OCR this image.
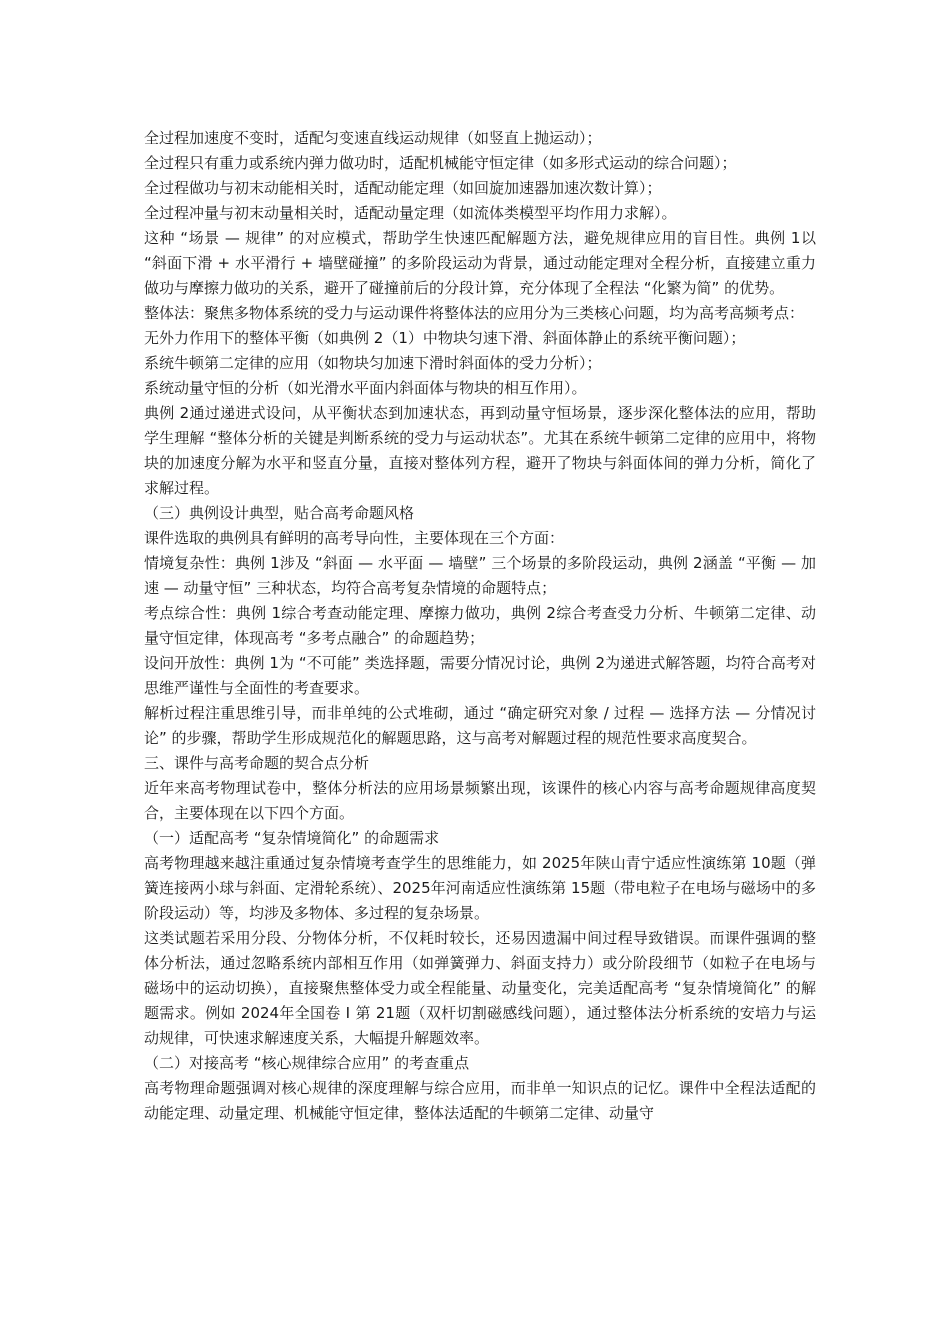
全过程加速度不变时，适配匀变速直线运动规律（如竖直上抛运动）；

全过程只有重力或系统内弹力做功时，适配机械能守恒定律（如多形式运动的综合问题）；

全过程做功与初末动能相关时，适配动能定理（如回旋加速器加速次数计算）；

全过程冲量与初末动量相关时，适配动量定理（如流体类模型平均作用力求解）。

这种 “场景 — 规律” 的对应模式，帮助学生快速匹配解题方法，避免规律应用的盲目性。典例 1以 “斜面下滑 + 水平滑行 + 墙壁碰撞” 的多阶段运动为背景，通过动能定理对全程分析，直接建立重力做功与摩擦力做功的关系，避开了碰撞前后的分段计算，充分体现了全程法 “化繁为简” 的优势。

整体法：聚焦多物体系统的受力与运动课件将整体法的应用分为三类核心问题，均为高考高频考点：

无外力作用下的整体平衡（如典例 2（1）中物块匀速下滑、斜面体静止的系统平衡问题）；

系统牛顿第二定律的应用（如物块匀加速下滑时斜面体的受力分析）；

系统动量守恒的分析（如光滑水平面内斜面体与物块的相互作用）。

典例 2通过递进式设问，从平衡状态到加速状态，再到动量守恒场景，逐步深化整体法的应用，帮助学生理解 “整体分析的关键是判断系统的受力与运动状态”。尤其在系统牛顿第二定律的应用中，将物块的加速度分解为水平和竖直分量，直接对整体列方程，避开了物块与斜面体间的弹力分析，简化了求解过程。

（三）典例设计典型，贴合高考命题风格

课件选取的典例具有鲜明的高考导向性，主要体现在三个方面：

情境复杂性：典例 1涉及 “斜面 — 水平面 — 墙壁” 三个场景的多阶段运动，典例 2涵盖 “平衡 — 加速 — 动量守恒” 三种状态，均符合高考复杂情境的命题特点；

考点综合性：典例 1综合考查动能定理、摩擦力做功，典例 2综合考查受力分析、牛顿第二定律、动量守恒定律，体现高考 “多考点融合” 的命题趋势；

设问开放性：典例 1为 “不可能” 类选择题，需要分情况讨论，典例 2为递进式解答题，均符合高考对思维严谨性与全面性的考查要求。

解析过程注重思维引导，而非单纯的公式堆砌，通过 “确定研究对象 / 过程 — 选择方法 — 分情况讨论” 的步骤，帮助学生形成规范化的解题思路，这与高考对解题过程的规范性要求高度契合。

三、课件与高考命题的契合点分析

近年来高考物理试卷中，整体分析法的应用场景频繁出现，该课件的核心内容与高考命题规律高度契合，主要体现在以下四个方面。

（一）适配高考 “复杂情境简化” 的命题需求

高考物理越来越注重通过复杂情境考查学生的思维能力，如 2025年陕山青宁适应性演练第 10题（弹簧连接两小球与斜面、定滑轮系统）、2025年河南适应性演练第 15题（带电粒子在电场与磁场中的多阶段运动）等，均涉及多物体、多过程的复杂场景。

这类试题若采用分段、分物体分析，不仅耗时较长，还易因遗漏中间过程导致错误。而课件强调的整体分析法，通过忽略系统内部相互作用（如弹簧弹力、斜面支持力）或分阶段细节（如粒子在电场与磁场中的运动切换），直接聚焦整体受力或全程能量、动量变化，完美适配高考 “复杂情境简化” 的解题需求。例如 2024年全国卷 Ⅰ 第 21题（双杆切割磁感线问题），通过整体法分析系统的安培力与运动规律，可快速求解速度关系，大幅提升解题效率。

（二）对接高考 “核心规律综合应用” 的考查重点

高考物理命题强调对核心规律的深度理解与综合应用，而非单一知识点的记忆。课件中全程法适配的动能定理、动量定理、机械能守恒定律，整体法适配的牛顿第二定律、动量守
